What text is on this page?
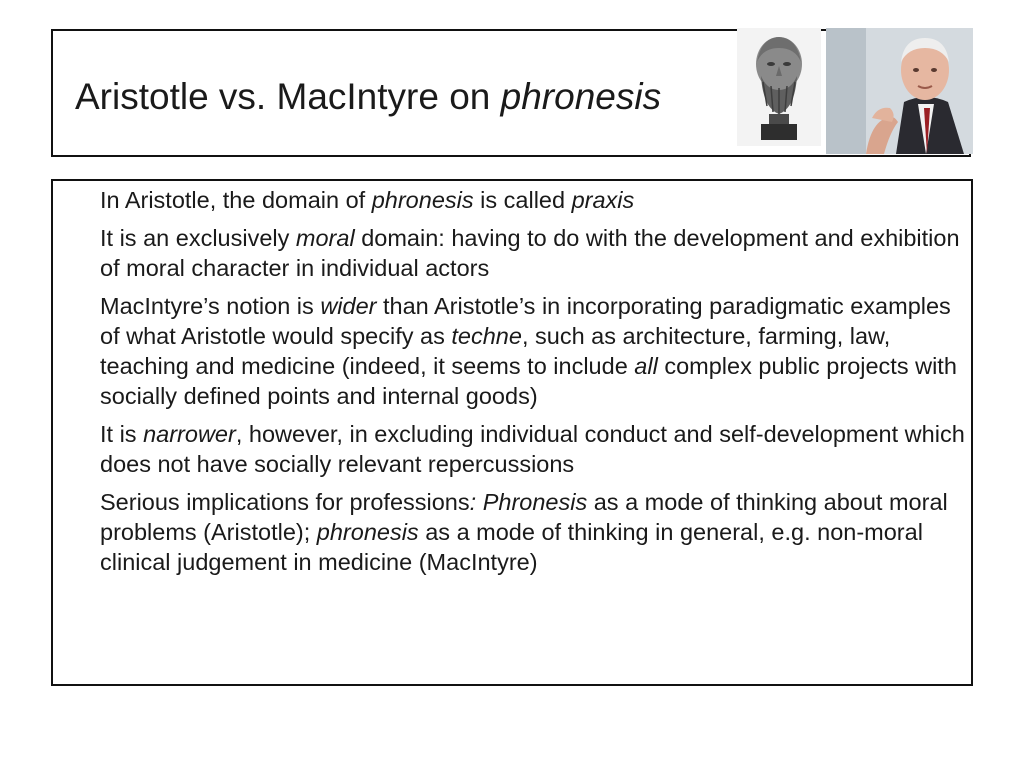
Aristotle vs. MacIntyre on phronesis
In Aristotle, the domain of phronesis is called praxis
It is an exclusively moral domain: having to do with the development and exhibition of moral character in individual actors
MacIntyre’s notion is wider than Aristotle’s in incorporating paradigmatic examples of what Aristotle would specify as techne, such as architecture, farming, law, teaching and medicine (indeed, it seems to include all complex public projects with socially defined points and internal goods)
It is narrower, however, in excluding individual conduct and self-development which does not have socially relevant repercussions
Serious implications for professions: Phronesis as a mode of thinking about moral problems (Aristotle); phronesis as a mode of thinking in general, e.g. non-moral clinical judgement in medicine (MacIntyre)
